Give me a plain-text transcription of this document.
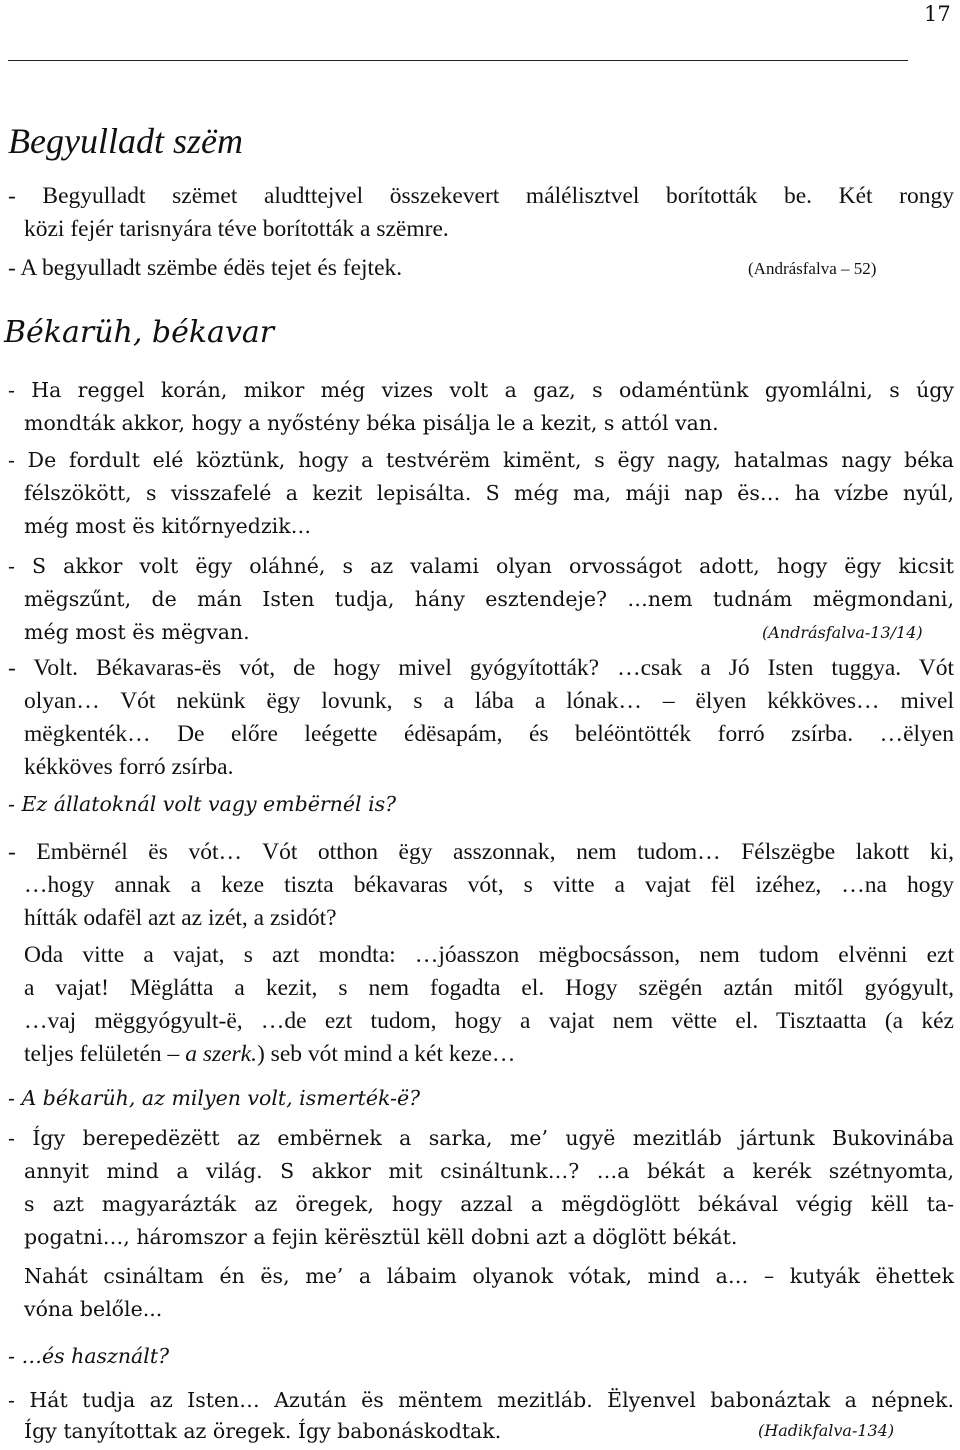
17
Begyulladt szëm

- Begyulladt szëmet aludttejvel összekevert málélisztvel borították be. Két rongy

közi fejér tarisnyára téve borították a szëmre.

- A begyulladt szëmbe édës tejet és fejtek.	(Andrásfalva – 52)
Békarüh, békavar

- Ha reggel korán, mikor még vizes volt a gaz, s odaméntünk gyomlálni, s úgy

mondták akkor, hogy a nyőstény béka pisálja le a kezit, s attól van.

- De fordult elé köztünk, hogy a testvérëm kimënt, s ëgy nagy, hatalmas nagy béka

félszökött, s visszafelé a kezit lepisálta. S még ma, máji nap ës… ha vízbe nyúl,

még most ës kitőrnyedzik…

- S akkor volt ëgy oláhné, s az valami olyan orvosságot adott, hogy ëgy kicsit

mëgszűnt, de mán Isten tudja, hány esztendeje? …nem tudnám mëgmondani,

még most ës mëgvan.	(Andrásfalva-13/14)

- Volt. Békavaras-ës vót, de hogy mivel gyógyították? …csak a Jó Isten tuggya. Vót

olyan… Vót nekünk ëgy lovunk, s a lába a lónak… – ëlyen kékköves… mivel

mëgkenték… De előre leégette édësapám, és beléöntötték forró zsírba. …ëlyen

kékköves forró zsírba.

- Ez állatoknál volt vagy embërnél is?

- Embërnél ës vót… Vót otthon ëgy asszonnak, nem tudom… Félszëgbe lakott ki,

…hogy annak a keze tiszta békavaras vót, s vitte a vajat fël izéhez, …na hogy

hítták odafël azt az izét, a zsidót?

Oda vitte a vajat, s azt mondta: …jóasszon mëgbocsásson, nem tudom elvënni ezt

a vajat! Mëglátta a kezit, s nem fogadta el. Hogy szëgén aztán mitől gyógyult,

…vaj mëggyógyult-ë, …de ezt tudom, hogy a vajat nem vëtte el. Tisztaatta (a kéz

teljes felületén – a szerk.) seb vót mind a két keze…

- A békarüh, az milyen volt, ismerték-ë?

- Így berepedëzëtt az embërnek a sarka, me’ ugyë mezitláb jártunk Bukovinába

annyit mind a világ. S akkor mit csináltunk…? …a békát a kerék szétnyomta,

s azt magyarázták az öregek, hogy azzal a mëgdöglött békával végig këll ta-

pogatni…, háromszor a fejin kërësztül këll dobni azt a döglött békát.

Nahát csináltam én ës, me’ a lábaim olyanok vótak, mind a… – kutyák ëhettek

vóna belőle...

- …és használt?

- Hát tudja az Isten… Azután ës mëntem mezitláb. Ëlyenvel babonáztak a népnek.

Így tanyítottak az öregek. Így babonáskodtak.	(Hadikfalva-134)
